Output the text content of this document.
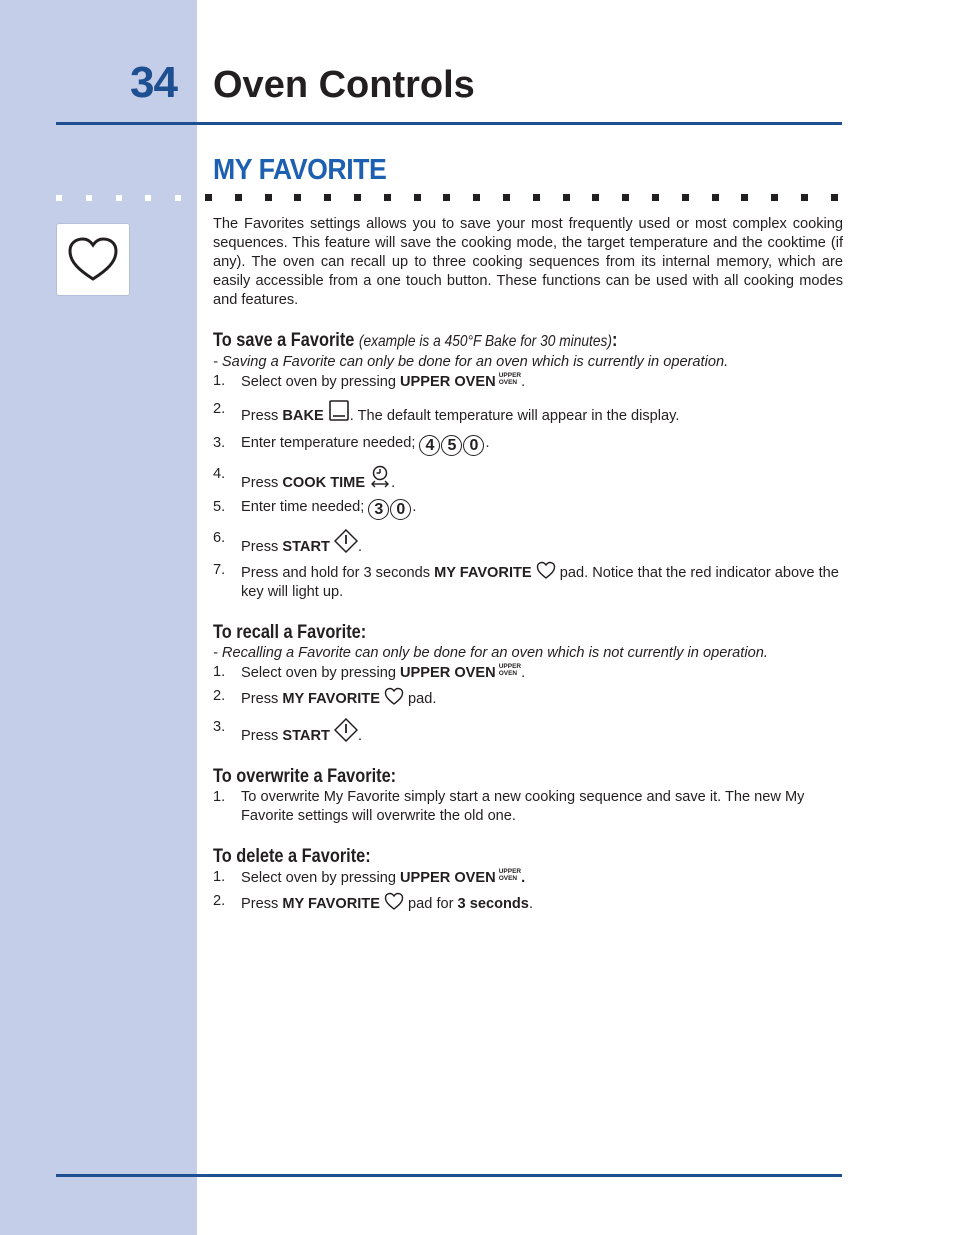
34 Oven Controls
MY FAVORITE

The Favorites settings allows you to save your most frequently used or most complex cooking sequences. This feature will save the cooking mode, the target temperature and the cooktime (if any). The oven can recall up to three cooking sequences from its internal memory, which are easily accessible from a one touch button. These functions can be used with all cooking modes and features.

To save a Favorite (example is a 450°F Bake for 30 minutes):

- Saving a Favorite can only be done for an oven which is currently in operation.

1. Select oven by pressing UPPER OVEN UPPER
OVEN .
2. Press BAKE . The default temperature will appear in the display.
3. Enter temperature needed; 4 5 0 .
4.
Press COOK TIME .
5. Enter time needed; 3 0 .
6.
Press START .
7. Press and hold for 3 seconds MY FAVORITE  pad. Notice that the red indicator above the key will light up.
To recall a Favorite:

- Recalling a Favorite can only be done for an oven which is not currently in operation.

1. Select oven by pressing UPPER OVEN UPPER
OVEN .
2. Press MY FAVORITE  pad.
3.
Press START .
To overwrite a Favorite:
1. To overwrite My Favorite simply start a new cooking sequence and save it. The new My Favorite settings will overwrite the old one.
To delete a Favorite:
1. Select oven by pressing UPPER OVEN UPPER
OVEN .
2. Press MY FAVORITE  pad for 3 seconds.
